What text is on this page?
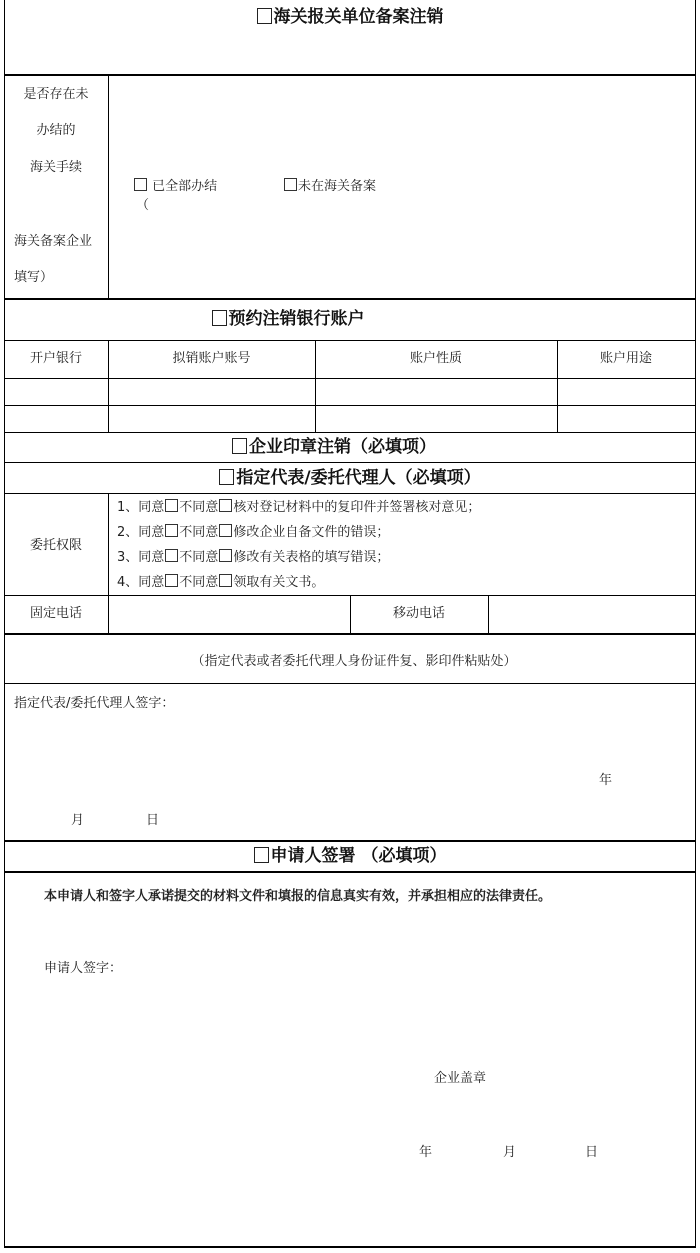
海关报关单位备案注销
是否存在未
办结的
海关手续
海关备案企业
填写）
已全部办结	未在海关备案
（
预约注销银行账户
开户银行	拟销账户账号	账户性质	账户用途
企业印章注销（必填项）
指定代表/委托代理人（必填项）
委托权限
1、同意 不同意 核对登记材料中的复印件并签署核对意见；
2、同意 不同意 修改企业自备文件的错误；
3、同意 不同意 修改有关表格的填写错误；
4、同意 不同意 领取有关文书。
固定电话	移动电话
（指定代表或者委托代理人身份证件复、影印件粘贴处）
指定代表/委托代理人签字：
年
月	日
申请人签署 （必填项）
本申请人和签字人承诺提交的材料文件和填报的信息真实有效，并承担相应的法律责任。
申请人签字：
企业盖章
年	月	日
